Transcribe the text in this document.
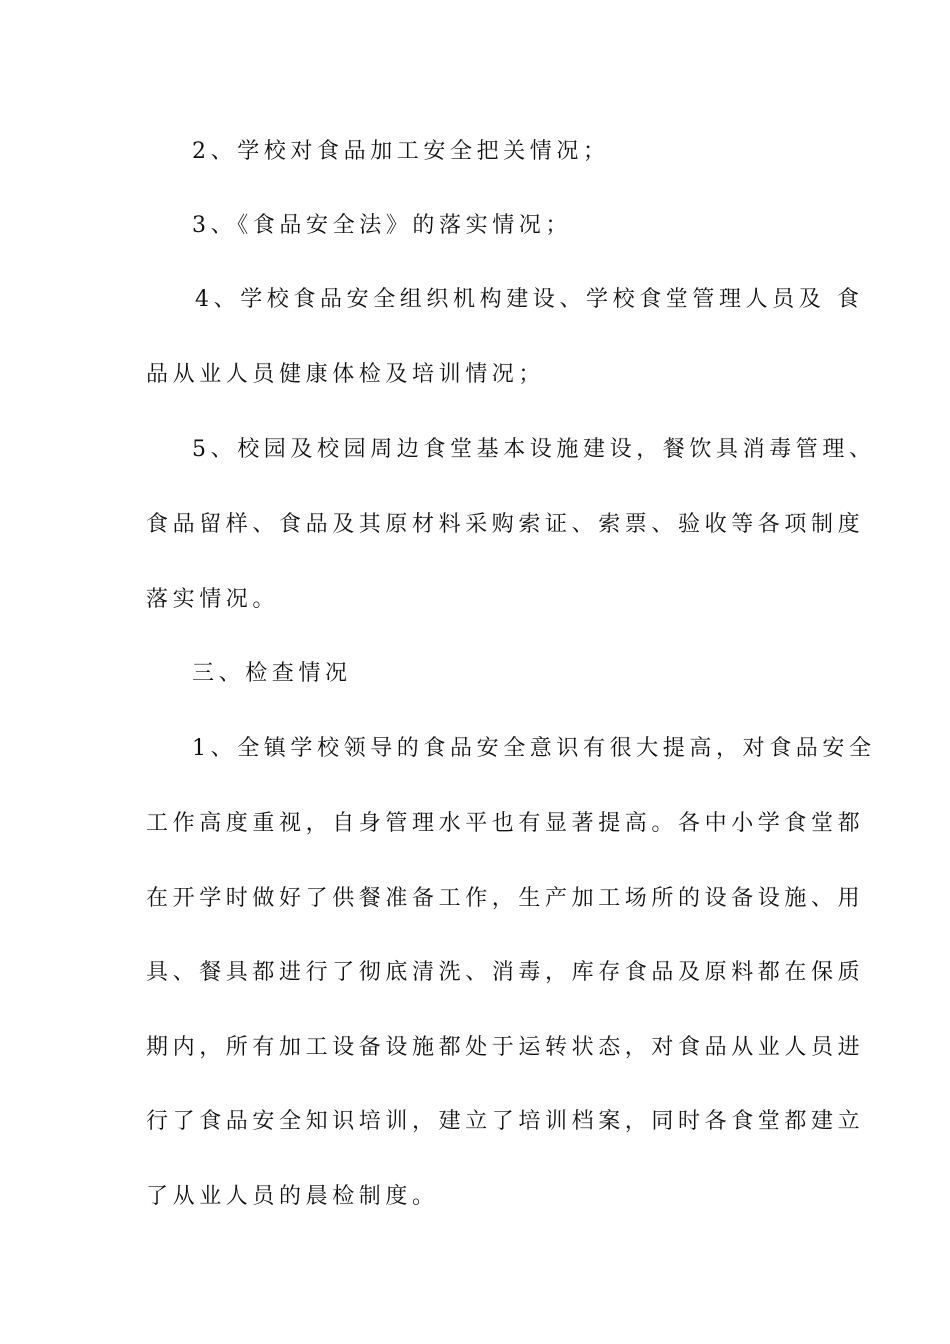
2、学校对食品加工安全把关情况；
3、《食品安全法》的落实情况；
4、学校食品安全组织机构建设、学校食堂管理人员及 食
品从业人员健康体检及培训情况；
5、校园及校园周边食堂基本设施建设，餐饮具消毒管理、
食品留样、食品及其原材料采购索证、索票、验收等各项制度
落实情况。
三、检查情况
1、全镇学校领导的食品安全意识有很大提高，对食品安全
工作高度重视，自身管理水平也有显著提高。各中小学食堂都
在开学时做好了供餐准备工作，生产加工场所的设备设施、用
具、餐具都进行了彻底清洗、消毒，库存食品及原料都在保质
期内，所有加工设备设施都处于运转状态，对食品从业人员进
行了食品安全知识培训，建立了培训档案，同时各食堂都建立
了从业人员的晨检制度。
